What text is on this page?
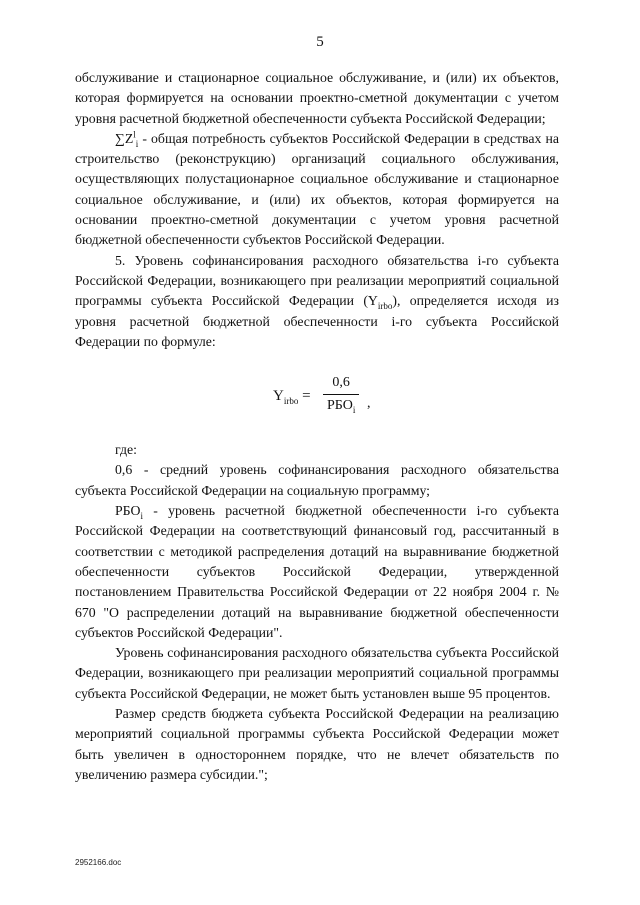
5

обслуживание и стационарное социальное обслуживание, и (или) их объектов, которая формируется на основании проектно-сметной документации с учетом уровня расчетной бюджетной обеспеченности субъекта Российской Федерации;

$\sum Z^l_i$ - общая потребность субъектов Российской Федерации в средствах на строительство (реконструкцию) организаций социального обслуживания, осуществляющих полустационарное социальное обслуживание и стационарное социальное обслуживание, и (или) их объектов, которая формируется на основании проектно-сметной документации с учетом уровня расчетной бюджетной обеспеченности субъектов Российской Федерации.

5. Уровень софинансирования расходного обязательства i-го субъекта Российской Федерации, возникающего при реализации мероприятий социальной программы субъекта Российской Федерации $(Y_{irbo})$, определяется исходя из уровня расчетной бюджетной обеспеченности i-го субъекта Российской Федерации по формуле:

$Y_{irbo}$ =
0,6
$РБО_i$ ,

где:

0,6 - средний уровень софинансирования расходного обязательства субъекта Российской Федерации на социальную программу;

$РБО_i$ - уровень расчетной бюджетной обеспеченности i-го субъекта Российской Федерации на соответствующий финансовый год, рассчитанный в соответствии с методикой распределения дотаций на выравнивание бюджетной обеспеченности субъектов Российской Федерации, утвержденной постановлением Правительства Российской Федерации от 22 ноября 2004 г. № 670 "О распределении дотаций на выравнивание бюджетной обеспеченности субъектов Российской Федерации".

Уровень софинансирования расходного обязательства субъекта Российской Федерации, возникающего при реализации мероприятий социальной программы субъекта Российской Федерации, не может быть установлен выше 95 процентов.

Размер средств бюджета субъекта Российской Федерации на реализацию мероприятий социальной программы субъекта Российской Федерации может быть увеличен в одностороннем порядке, что не влечет обязательств по увеличению размера субсидии.";

2952166.doc
